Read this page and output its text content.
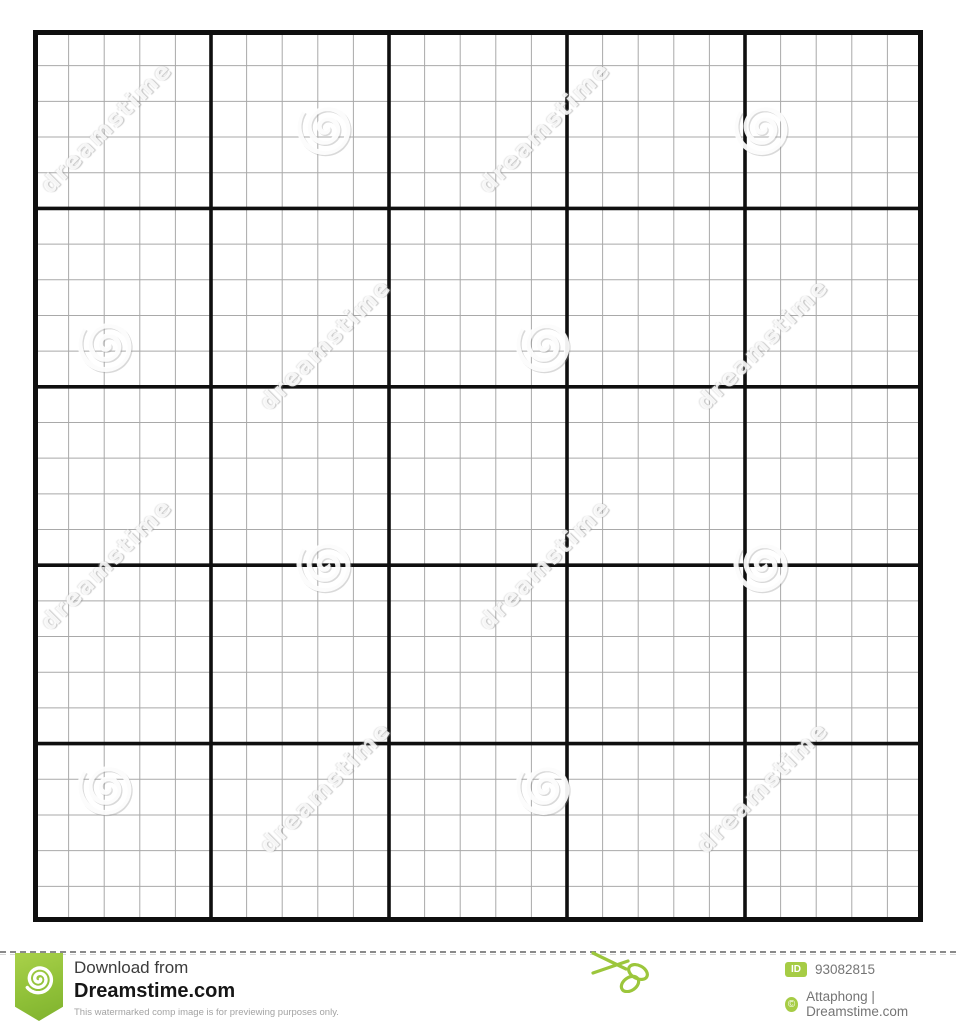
dreamstime	dreamstime
dreamstime	dreamstime
dreamstime	dreamstime
dreamstime	dreamstime
Download from
Dreamstime.com
This watermarked comp image is for previewing purposes only.
ID	93082815
© Attaphong | Dreamstime.com
